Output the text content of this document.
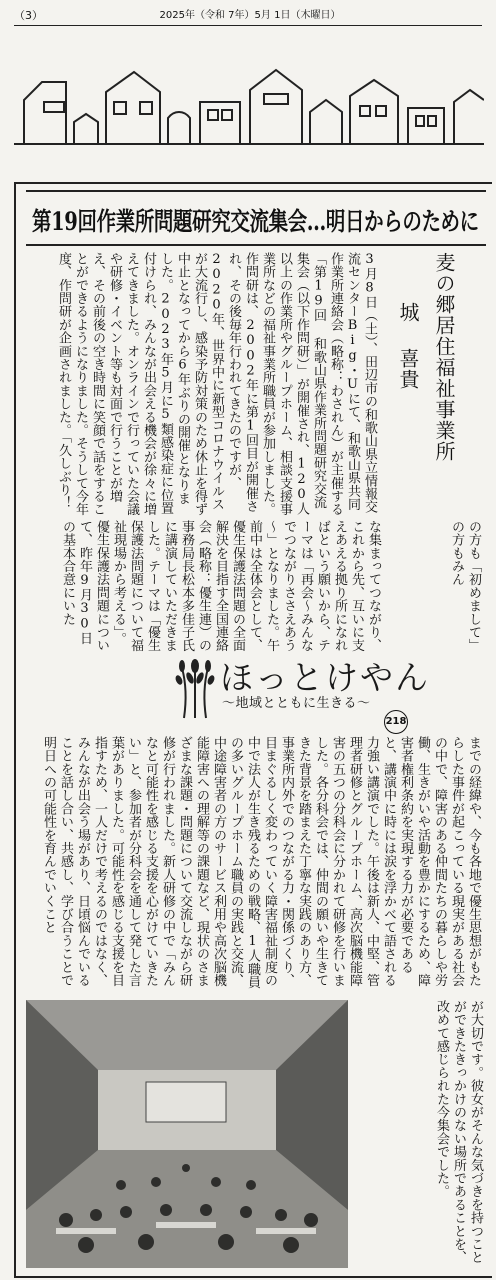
（3）	2025年（令和 7年）5月 1日（木曜日）
第19回作業所問題研究交流集会…明日からのために
麦の郷居住福祉事業所
城 喜貴
3月8日（土）、田辺市の和歌山県立情報交流センターBig・Uにて、和歌山県共同作業所連絡会（略称：わされん）が主催する「第19回 和歌山県作業所問題研究交流集会（以下作問研）」が開催され、120人以上の作業所やグループホーム、相談支援事業所などの福祉事業所職員が参加しました。作問研は、2002年に第1回目が開催され、その後毎年行われてきたのですが、2020年、世界中に新型コロナウイルスが大流行し、感染予防対策のため休止を得ず中止となってから6年ぶりの開催となりました。2023年5月に5類感染症に位置付けられ、みんなが出会える機会が徐々に増えてきました。オンラインで行っていた会議や研修・イベント等も対面で行うことが増え、その前後の空き時間に笑顔で話をすることができるようになりました。そうして今年度、作問研が企画されました。「久しぶり！
な集まってつながり、これから先、互いに支えあえる拠り所になればという願いから、テーマは「再会～みんなでつながりささえあう～」となりました。午前中は全体会として、優生保護法問題の全面解決を目指す全国連絡会（略称：優生連）の事務局長松本多佳子氏に講演していただきました。テーマは「優生保護法問題について福祉現場から考える」。優生保護法問題について、昨年9月30日の基本合意にいた	の方も「初めまして」の方もみん
ほっとけやん
～地域とともに生きる～
218
までの経緯や、今も各地で優生思想がもたらした事件が起こっている現実がある社会の中で、障害のある仲間たちの暮らしや労働、生きがいや活動を豊かにするため、障害者権利条約を実現する力が必要であると、講演中に時には涙を浮かべて語される力強い講演でした。午後は新人、中堅、管理者研修とグループホーム、高次脳機能障害の五つの分科会に分かれて研修を行いました。各分科会では、仲間の願いや生きてきた背景を踏まえた丁寧な実践のあり方、事業所内外でのつながる力・関係づくり、目まぐるしく変わっていく障害福祉制度の中で法人が生き残るための戦略、1人職員の多いグループホーム職員の実践と交流、中途障害者の方のサービス利用や高次脳機能障害への理解等の課題など、現状のさまざまな課題・問題について交流しながら研修が行われました。新人研修の中で「みんなと可能性を感じる支援を心がけていきたい」と、参加者が分科会を通して発した言葉がありました。可能性を感じる支援を目指すため、一人だけで考えるのではなく、みんなが出会う場があり、日頃悩んでいることを話し合い、共感し、学び合うことで明日への可能性を育んでいくこと
が大切です。彼女がそんな気づきを持つことができたきっかけのない場所であることを、改めて感じられた今集会でした。
